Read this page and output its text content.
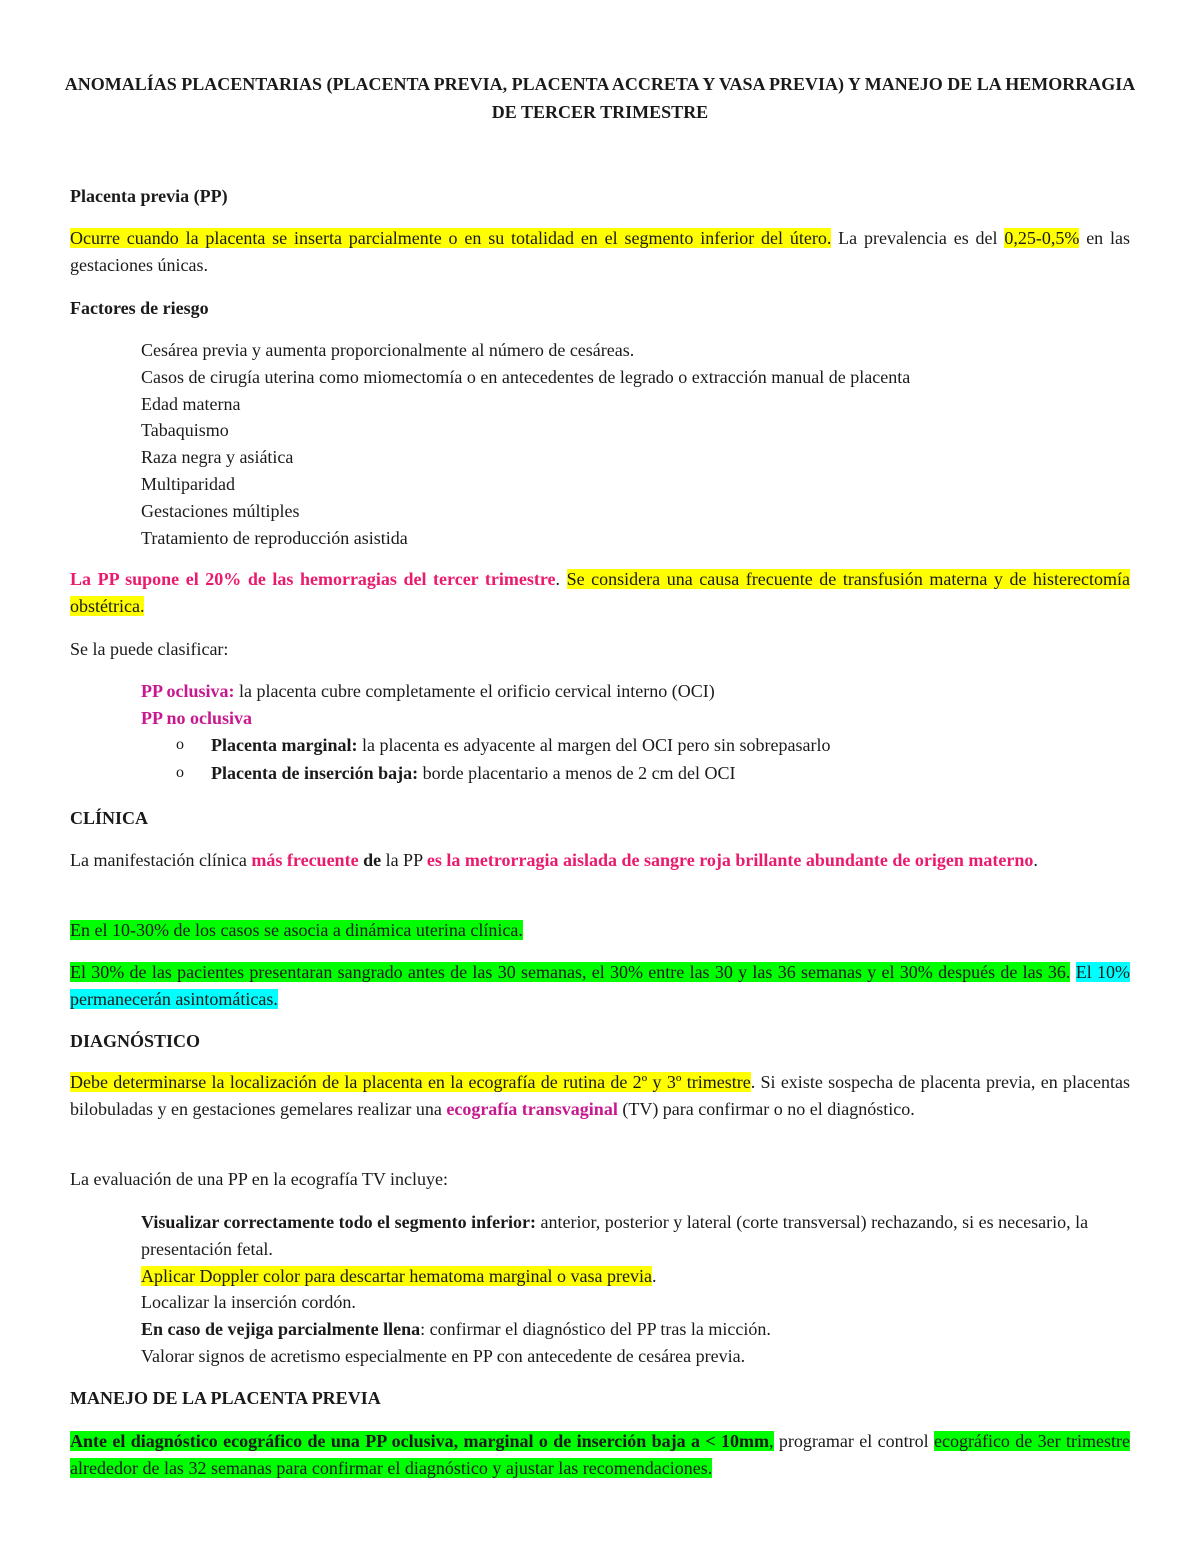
ANOMALÍAS PLACENTARIAS (PLACENTA PREVIA, PLACENTA ACCRETA Y VASA PREVIA) Y MANEJO DE LA HEMORRAGIA DE TERCER TRIMESTRE

Placenta previa (PP)

Ocurre cuando la placenta se inserta parcialmente o en su totalidad en el segmento inferior del útero. La prevalencia es del 0,25-0,5% en las gestaciones únicas.

Factores de riesgo

Cesárea previa y aumenta proporcionalmente al número de cesáreas.
Casos de cirugía uterina como miomectomía o en antecedentes de legrado o extracción manual de placenta
Edad materna
Tabaquismo
Raza negra y asiática
Multiparidad
Gestaciones múltiples
Tratamiento de reproducción asistida

La PP supone el 20% de las hemorragias del tercer trimestre. Se considera una causa frecuente de transfusión materna y de histerectomía obstétrica.

Se la puede clasificar:

PP oclusiva: la placenta cubre completamente el orificio cervical interno (OCI)
PP no oclusiva
o Placenta marginal: la placenta es adyacente al margen del OCI pero sin sobrepasarlo
o Placenta de inserción baja: borde placentario a menos de 2 cm del OCI

CLÍNICA

La manifestación clínica más frecuente de la PP es la metrorragia aislada de sangre roja brillante abundante de origen materno.

En el 10-30% de los casos se asocia a dinámica uterina clínica.

El 30% de las pacientes presentaran sangrado antes de las 30 semanas, el 30% entre las 30 y las 36 semanas y el 30% después de las 36. El 10% permanecerán asintomáticas.

DIAGNÓSTICO

Debe determinarse la localización de la placenta en la ecografía de rutina de 2º y 3º trimestre. Si existe sospecha de placenta previa, en placentas bilobuladas y en gestaciones gemelares realizar una ecografía transvaginal (TV) para confirmar o no el diagnóstico.

La evaluación de una PP en la ecografía TV incluye:

Visualizar correctamente todo el segmento inferior: anterior, posterior y lateral (corte transversal) rechazando, si es necesario, la presentación fetal.
Aplicar Doppler color para descartar hematoma marginal o vasa previa.
Localizar la inserción cordón.
En caso de vejiga parcialmente llena: confirmar el diagnóstico del PP tras la micción.
Valorar signos de acretismo especialmente en PP con antecedente de cesárea previa.

MANEJO DE LA PLACENTA PREVIA

Ante el diagnóstico ecográfico de una PP oclusiva, marginal o de inserción baja a < 10mm, programar el control ecográfico de 3er trimestre alrededor de las 32 semanas para confirmar el diagnóstico y ajustar las recomendaciones.
